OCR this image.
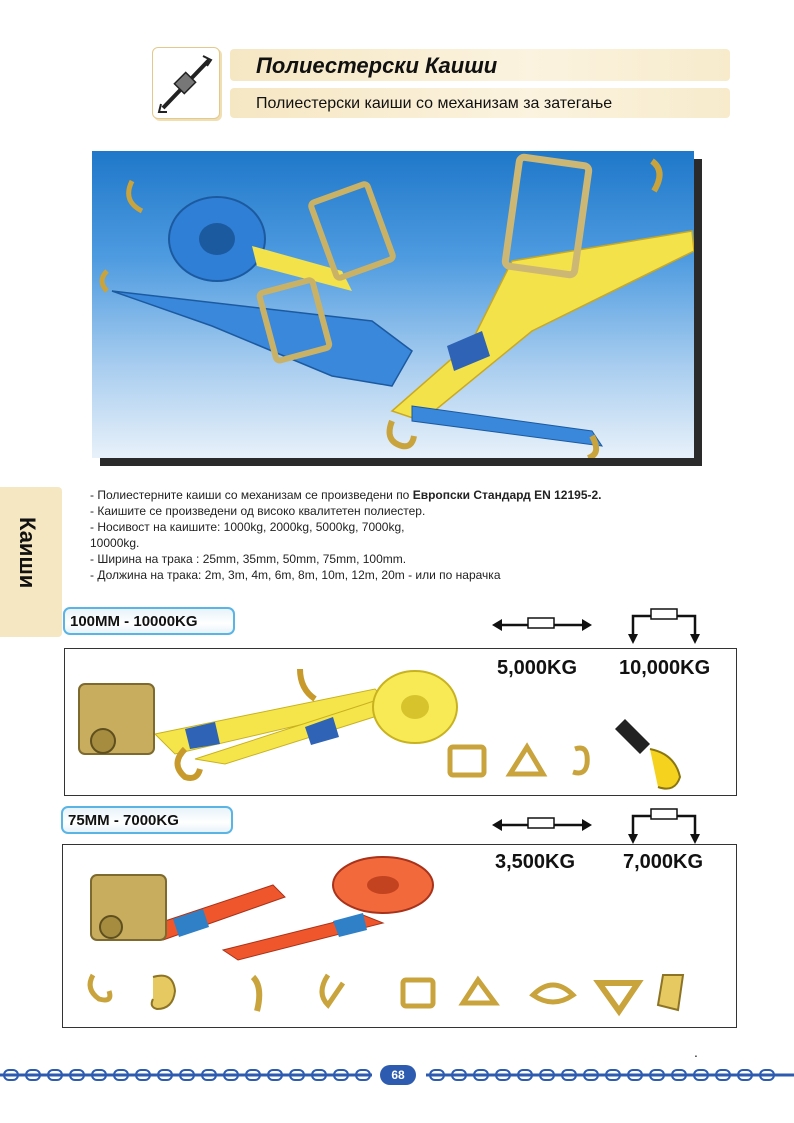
Полиестерски Каиши
Полиестерски каиши со механизам за затегање
Каиши
- Полиестерните каиши со механизам се произведени по Европски Стандард EN 12195-2.
- Каишите се произведени од високо квалитетен полиестер.
- Носивост на каишите: 1000kg, 2000kg, 5000kg, 7000kg,
10000kg.
- Ширина на трака : 25mm, 35mm, 50mm, 75mm, 100mm.
- Должина на трака: 2m, 3m, 4m, 6m, 8m, 10m, 12m, 20m - или по нарачка
100MM - 10000KG
5,000KG 10,000KG
75MM - 7000KG
3,500KG 7,000KG
68
.
